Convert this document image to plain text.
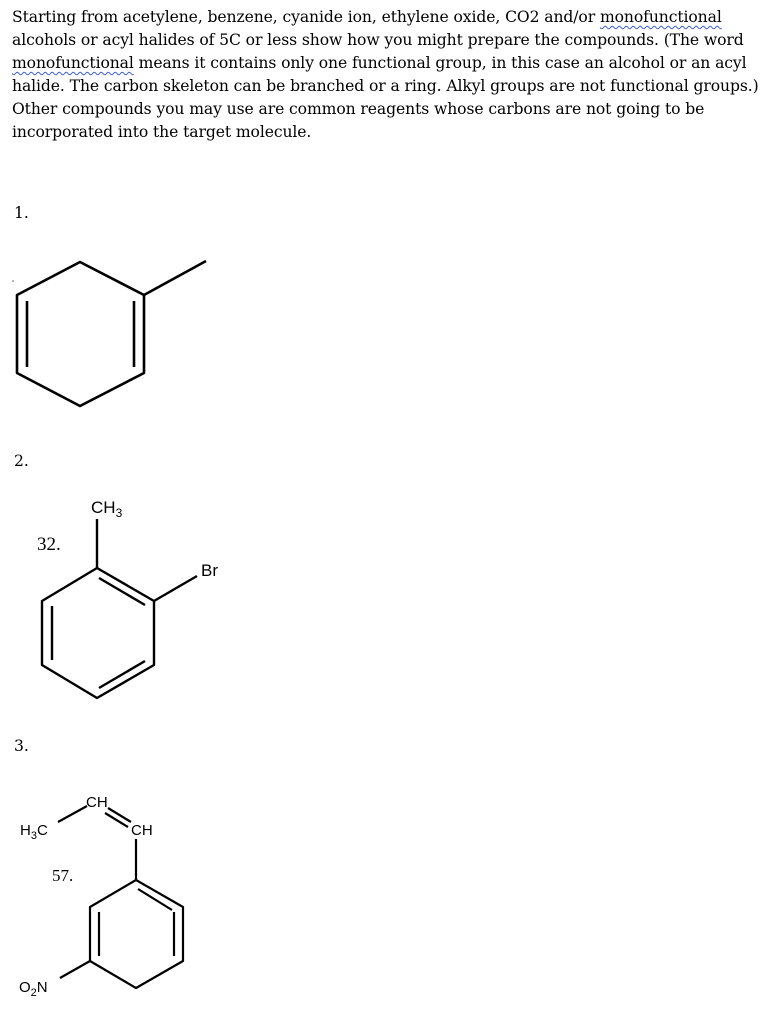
Starting from acetylene, benzene, cyanide ion, ethylene oxide, CO2 and/or monofunctional alcohols or acyl halides of 5C or less show how you might prepare the compounds. (The word monofunctional means it contains only one functional group, in this case an alcohol or an acyl halide. The carbon skeleton can be branched or a ring. Alkyl groups are not functional groups.) Other compounds you may use are common reagents whose carbons are not going to be incorporated into the target molecule.

1.
2.
3.
$CH_3$
Br
32.
CH
CH
$H_3C$
$O_2N$
57.
